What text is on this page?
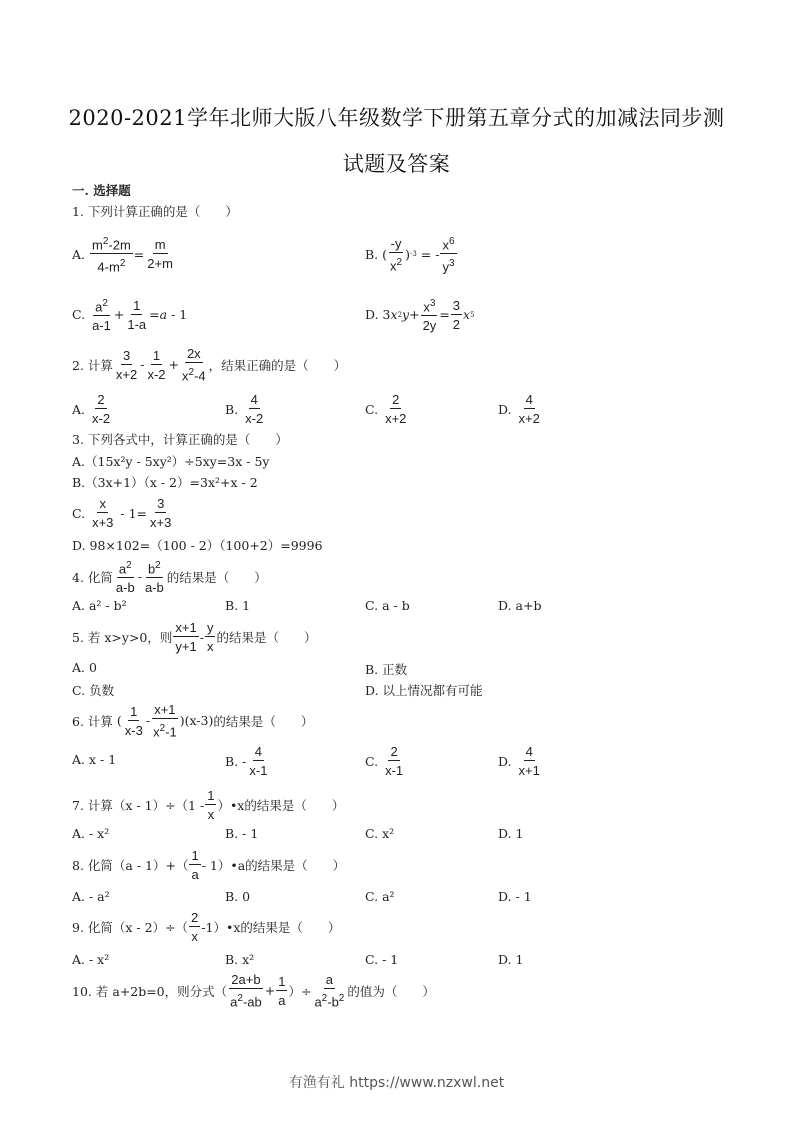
2020-2021学年北师大版八年级数学下册第五章分式的加减法同步测
试题及答案
一. 选择题
1. 下列计算正确的是（　　）
A.
$\frac{m^2-2m}{4-m^2} = \frac{m}{2+m}$	B. ( $\frac{-y}{x^2}$ ) -3 = - $\frac{x^6}{y^3}$
C.
$\frac{a^2}{a-1} + \frac{1}{1-a} = a - 1$	D. 3 x 2 $y + \frac{x^3}{2y} = \frac{3}{2}$ x 5
2. 计算 $\frac{3}{x+2} - \frac{1}{x-2} + \frac{2x}{x^2-4}$ ，结果正确的是（　　）
A.
$\frac{2}{x-2}$	B.
$\frac{4}{x-2}$	C.
$\frac{2}{x+2}$	D.
$\frac{4}{x+2}$
3. 下列各式中，计算正确的是（　　）
A.（15x²y - 5xy²）÷5xy=3x - 5y
B.（3x+1）（x - 2）=3x²+x - 2
C.
$\frac{x}{x+3} - 1= \frac{3}{x+3}$
D. 98×102=（100 - 2）（100+2）=9996
4. 化简 $\frac{a^2}{a-b} - \frac{b^2}{a-b}$ 的结果是（　　）
A. a² - b²	B. 1	C. a - b	D. a+b
5. 若 x>y>0，则 $\frac{x+1}{y+1} - \frac{y}{x}$ 的结果是（　　）
A. 0	B. 正数
C. 负数	D. 以上情况都有可能
6. 计算 ( $\frac{1}{x-3} - \frac{x+1}{x^2-1} )(x-3)$ 的结果是（　　）
A. x - 1	B. - $\frac{4}{x-1}$	C.
$\frac{2}{x-1}$	D.
$\frac{4}{x+1}$
7. 计算$(x - 1)\div(1 - \frac{1}{x}$ ）•x的结果是（　　）
A. - x²	B. - 1	C. x²	D. 1
8. 化简$(a - 1)+( \frac{1}{a}$ - 1）•a的结果是（　　）
A. - a²	B. 0	C. a²	D. - 1
9. 化简$(x - 2)\div( \frac{2}{x}$ -1）•x的结果是（　　）
A. - x²	B. x²	C. - 1	D. 1
10. 若 a+2b=0，则分式（ $\frac{2a+b}{a^2-ab} + \frac{1}{a}$ ）÷ $\frac{a}{a^2-b^2}$ 的值为（　　）
有渔有礼 https://www.nzxwl.net
